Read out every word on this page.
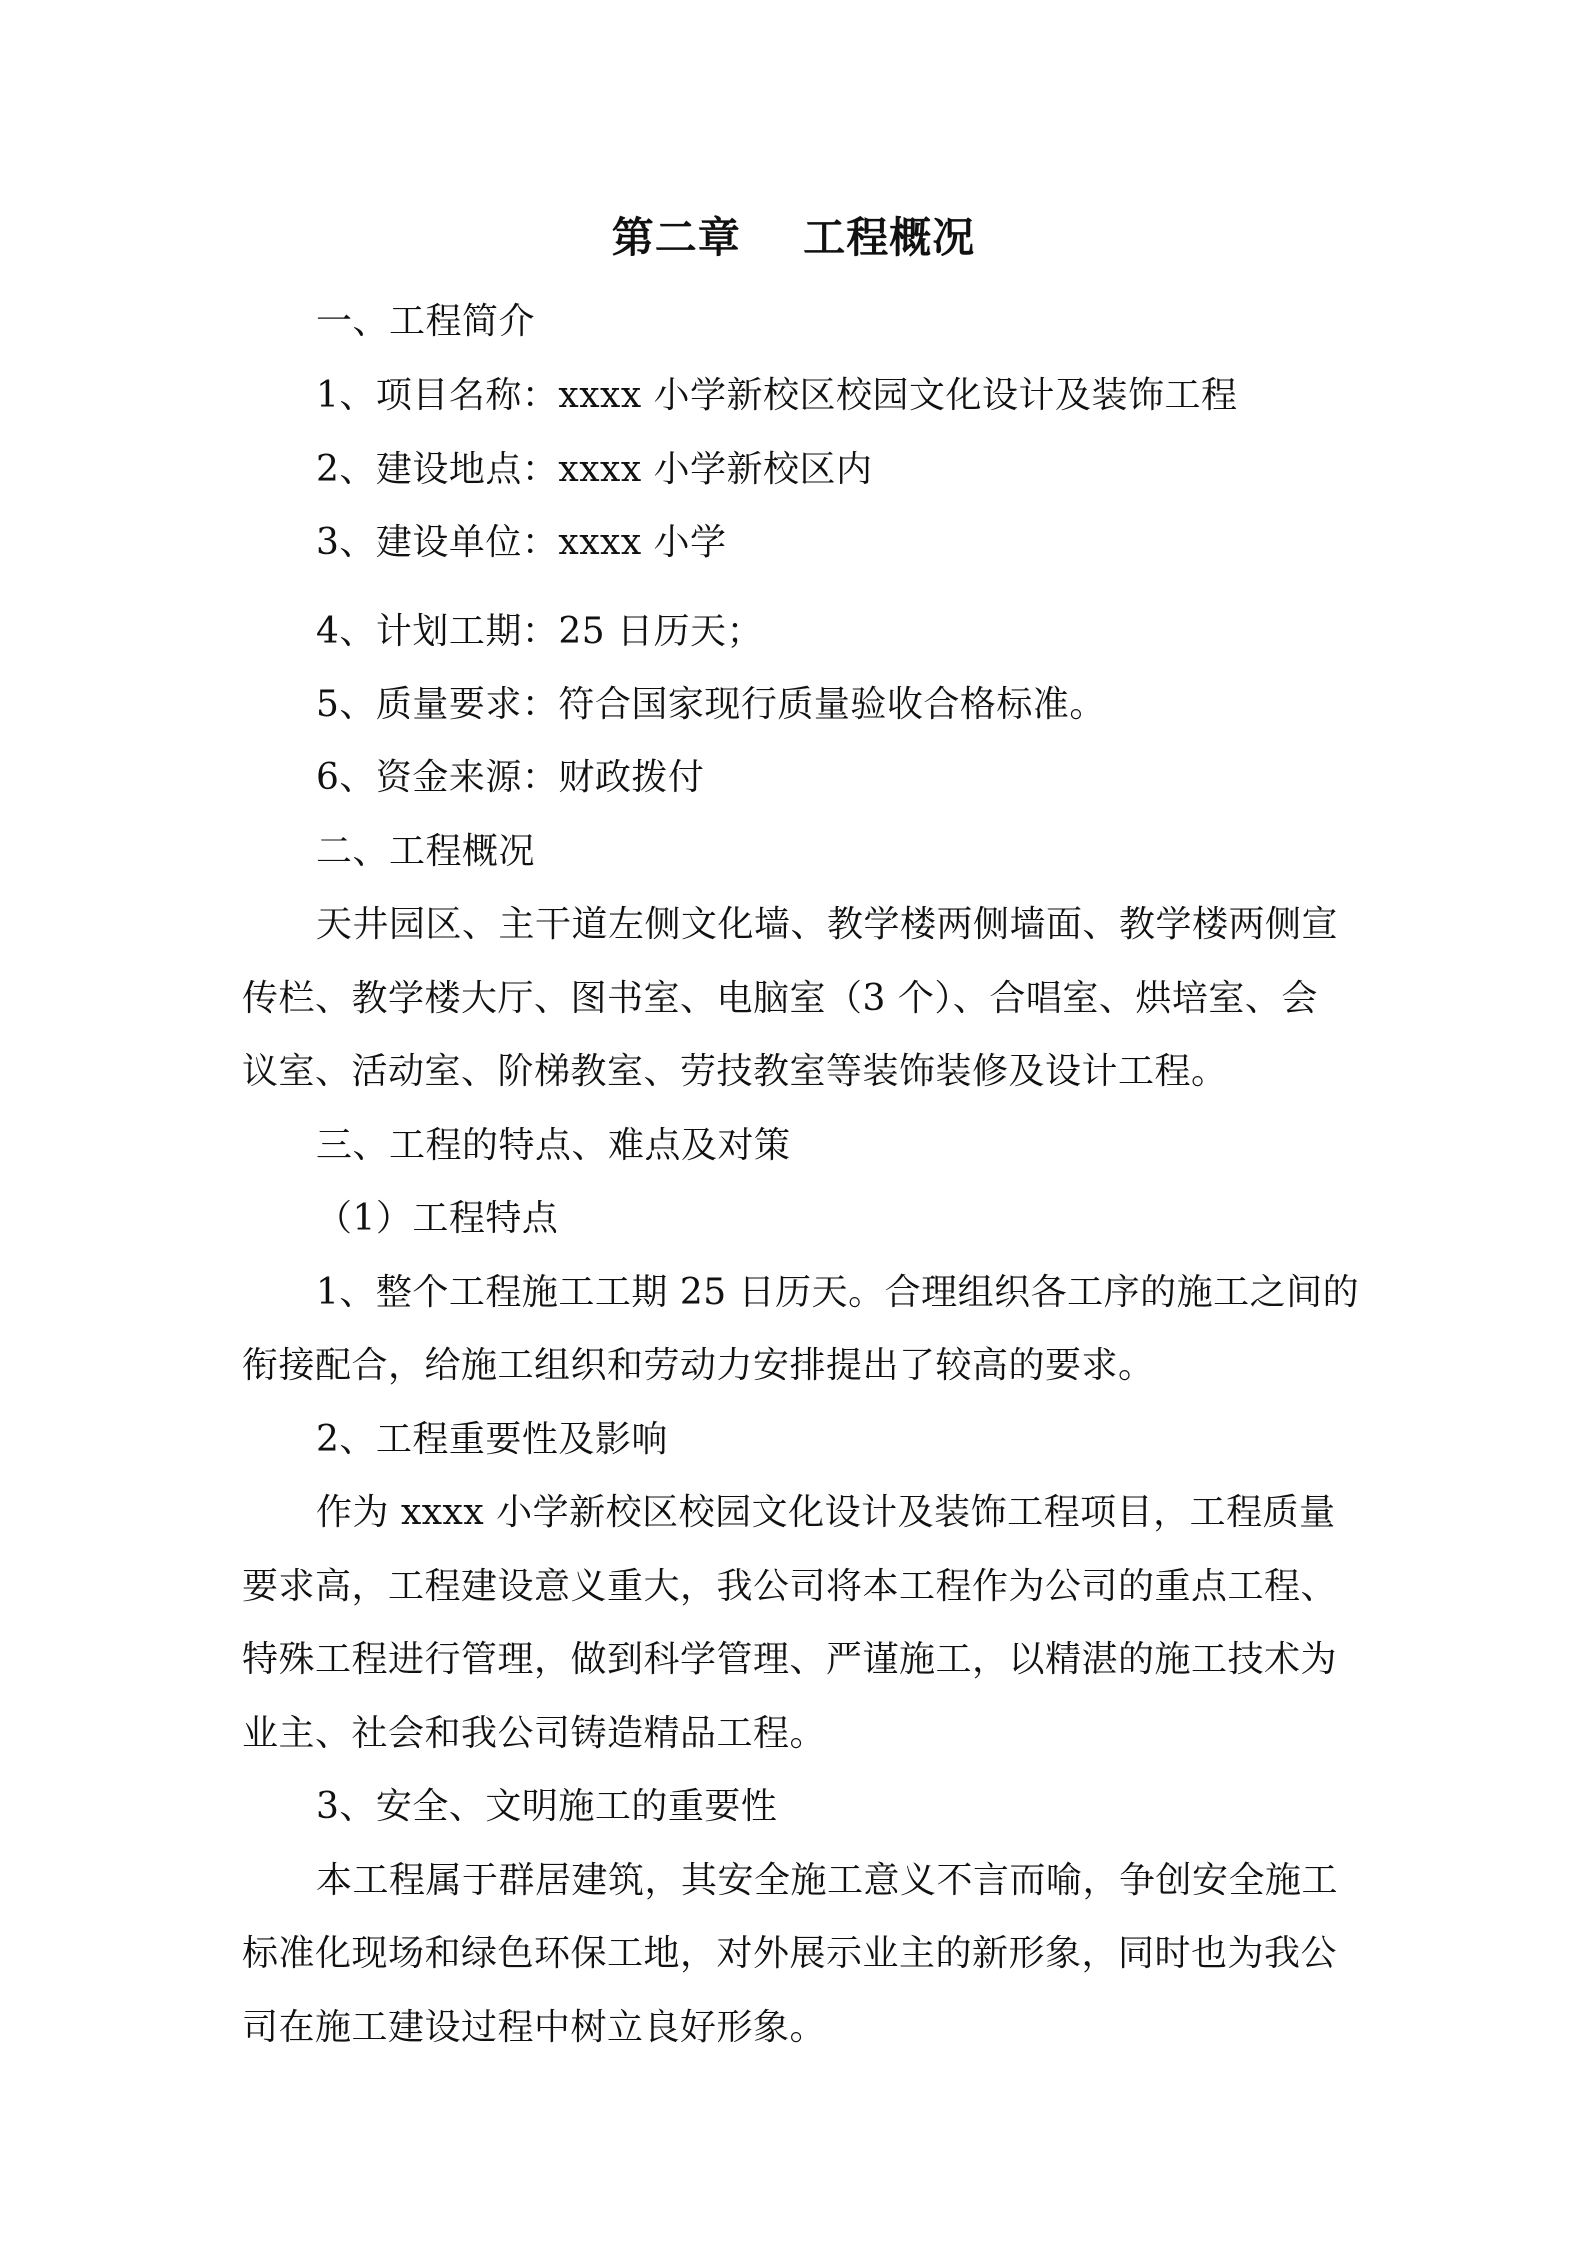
第二章    工程概况
一、工程简介
1、项目名称：xxxx 小学新校区校园文化设计及装饰工程
2、建设地点：xxxx 小学新校区内
3、建设单位：xxxx 小学
4、计划工期：25 日历天；
5、质量要求：符合国家现行质量验收合格标准。
6、资金来源：财政拨付
二、工程概况
天井园区、主干道左侧文化墙、教学楼两侧墙面、教学楼两侧宣
传栏、教学楼大厅、图书室、电脑室（3 个）、合唱室、烘培室、会
议室、活动室、阶梯教室、劳技教室等装饰装修及设计工程。
三、工程的特点、难点及对策
（1）工程特点
1、整个工程施工工期 25 日历天。合理组织各工序的施工之间的
衔接配合，给施工组织和劳动力安排提出了较高的要求。
2、工程重要性及影响
作为 xxxx 小学新校区校园文化设计及装饰工程项目，工程质量
要求高，工程建设意义重大，我公司将本工程作为公司的重点工程、
特殊工程进行管理，做到科学管理、严谨施工，以精湛的施工技术为
业主、社会和我公司铸造精品工程。
3、安全、文明施工的重要性
本工程属于群居建筑，其安全施工意义不言而喻，争创安全施工
标准化现场和绿色环保工地，对外展示业主的新形象，同时也为我公
司在施工建设过程中树立良好形象。
